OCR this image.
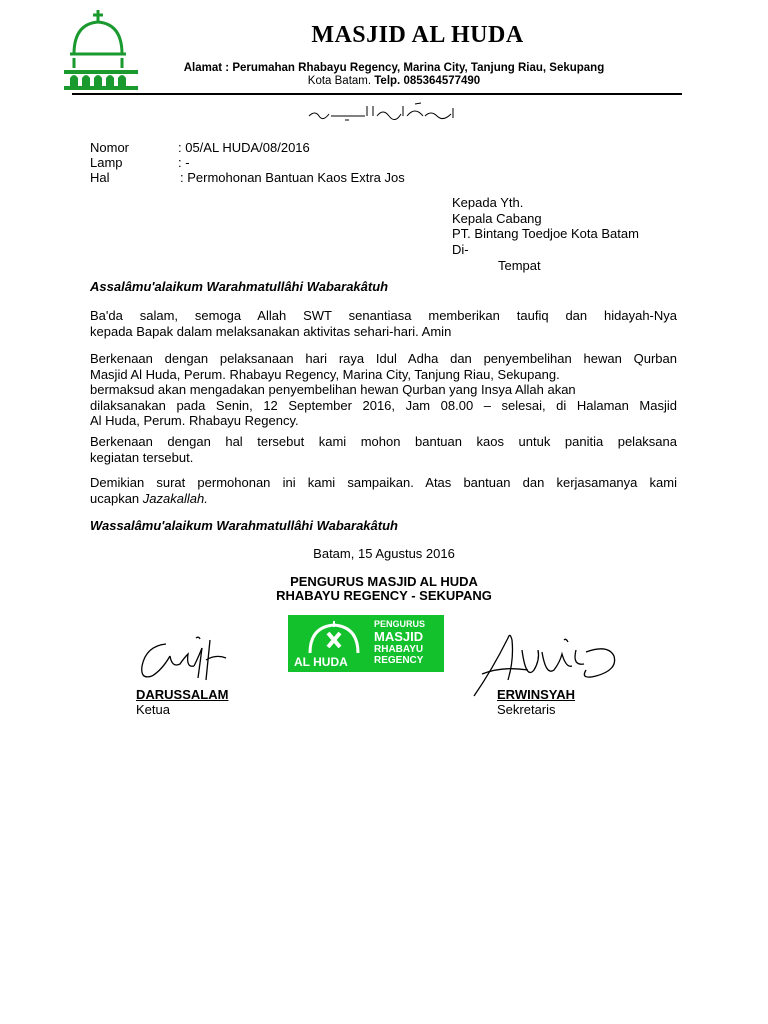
MASJID AL HUDA
Alamat : Perumahan Rhabayu Regency, Marina City, Tanjung Riau, Sekupang
Kota Batam. Telp. 085364577490
Nomor	: 05/AL HUDA/08/2016
Lamp	: -
Hal	: Permohonan Bantuan Kaos Extra Jos
Kepada Yth.
Kepala Cabang
PT. Bintang Toedjoe Kota Batam
Di-
Tempat
Assalâmu'alaikum Warahmatullâhi Wabarakâtuh
Ba'da salam, semoga Allah SWT senantiasa memberikan taufiq dan hidayah-Nya
kepada Bapak dalam melaksanakan aktivitas sehari-hari. Amin
Berkenaan dengan pelaksanaan hari raya Idul Adha dan penyembelihan hewan Qurban
Masjid Al Huda, Perum. Rhabayu Regency, Marina City, Tanjung Riau, Sekupang.
bermaksud akan mengadakan penyembelihan hewan Qurban yang Insya Allah akan
dilaksanakan pada Senin, 12 September 2016, Jam 08.00 – selesai, di Halaman Masjid
Al Huda, Perum. Rhabayu Regency.
Berkenaan dengan hal tersebut kami mohon bantuan kaos untuk panitia pelaksana
kegiatan tersebut.
Demikian surat permohonan ini kami sampaikan. Atas bantuan dan kerjasamanya kami
ucapkan Jazakallah.
Wassalâmu'alaikum Warahmatullâhi Wabarakâtuh
Batam, 15 Agustus 2016
PENGURUS MASJID AL HUDA
RHABAYU REGENCY - SEKUPANG
PENGURUS
MASJID
RHABAYU
REGENCY
AL HUDA
DARUSSALAM
Ketua
ERWINSYAH
Sekretaris
